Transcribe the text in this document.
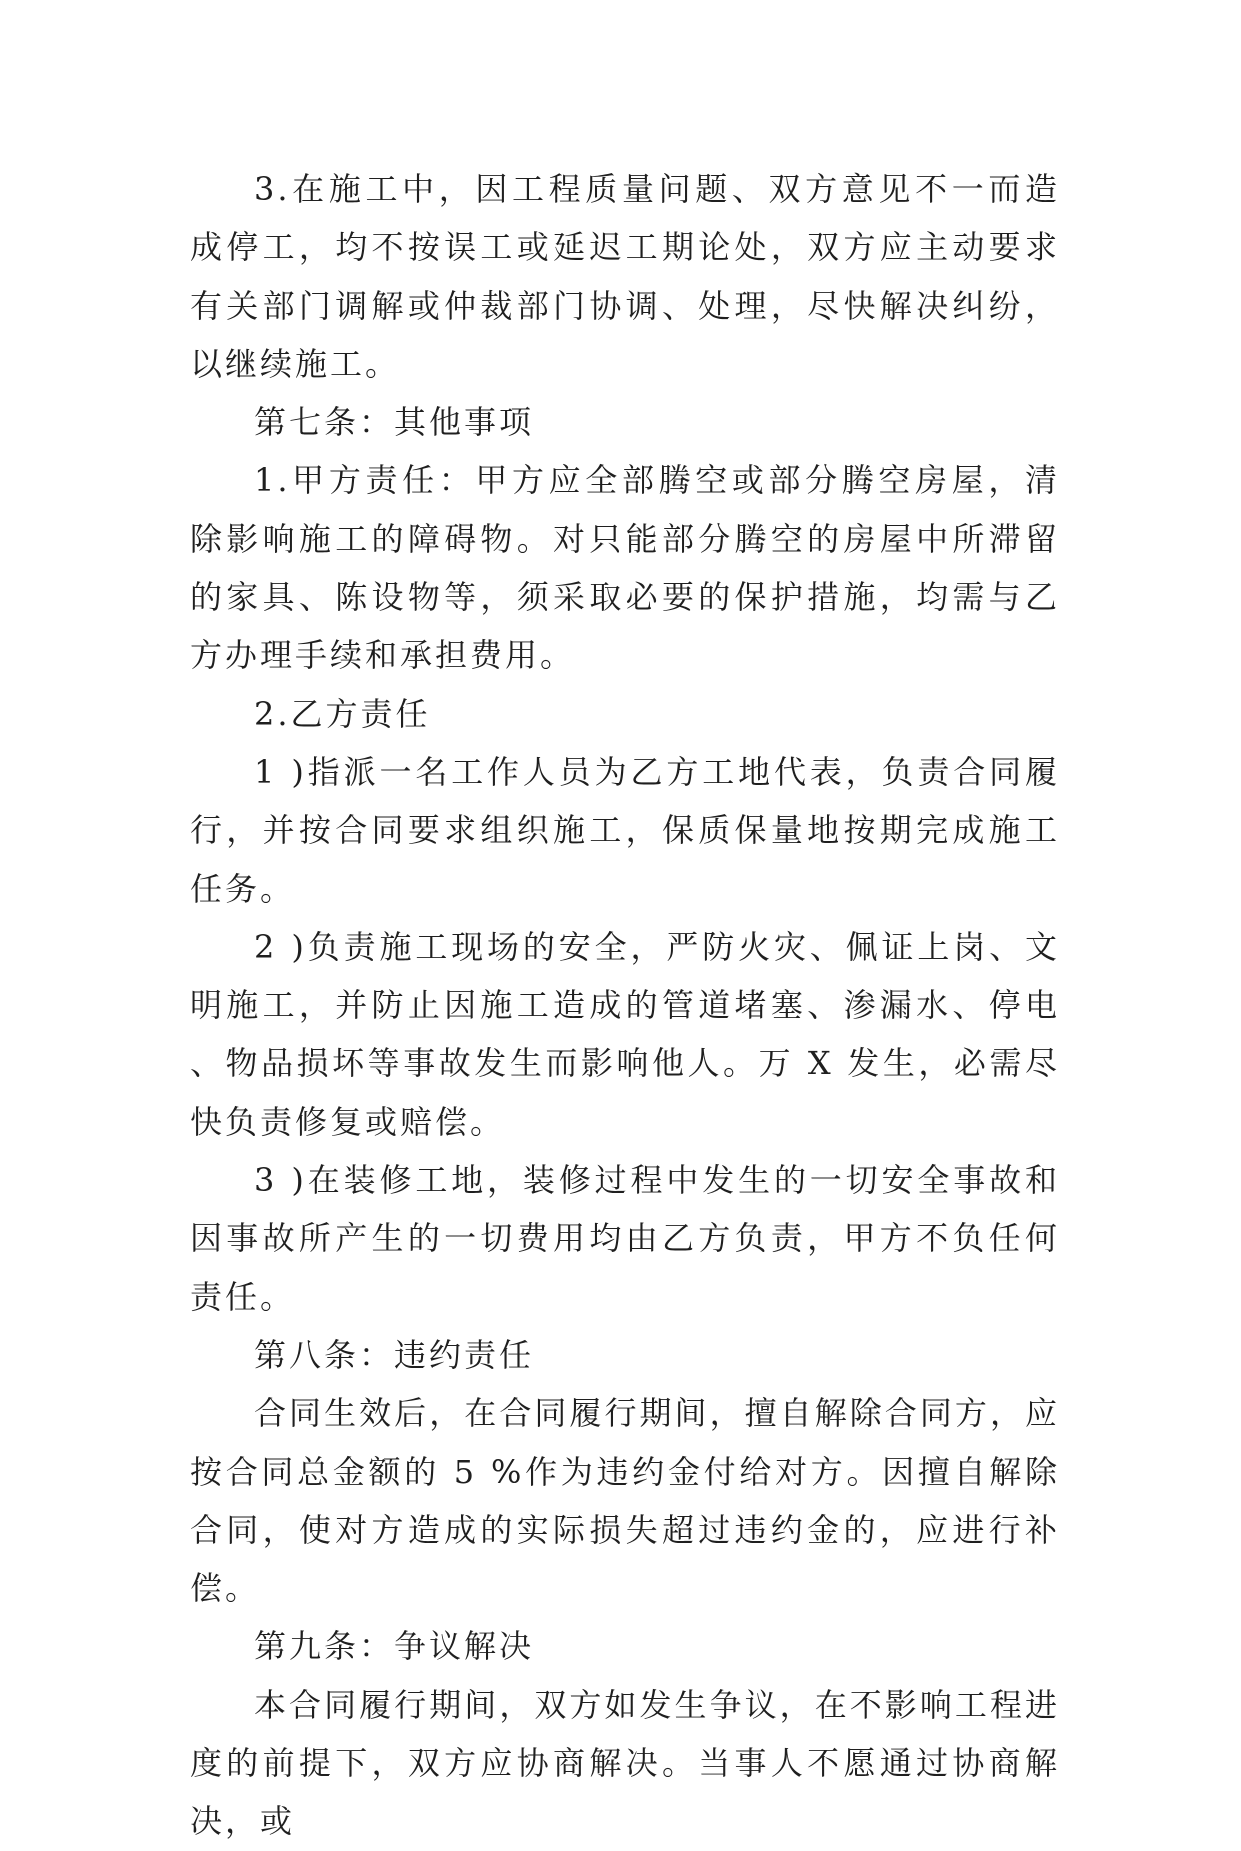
3.在施工中，因工程质量问题、双方意见不一而造成停工，均不按误工或延迟工期论处，双方应主动要求有关部门调解或仲裁部门协调、处理，尽快解决纠纷，以继续施工。

第七条：其他事项

1.甲方责任：甲方应全部腾空或部分腾空房屋，清除影响施工的障碍物。对只能部分腾空的房屋中所滞留的家具、陈设物等，须采取必要的保护措施，均需与乙方办理手续和承担费用。

2.乙方责任

1 )指派一名工作人员为乙方工地代表，负责合同履行，并按合同要求组织施工，保质保量地按期完成施工任务。

2 )负责施工现场的安全，严防火灾、佩证上岗、文明施工，并防止因施工造成的管道堵塞、渗漏水、停电、物品损坏等事故发生而影响他人。万 X 发生，必需尽快负责修复或赔偿。

3 )在装修工地，装修过程中发生的一切安全事故和因事故所产生的一切费用均由乙方负责，甲方不负任何责任。

第八条：违约责任

合同生效后，在合同履行期间，擅自解除合同方，应按合同总金额的 5 %作为违约金付给对方。因擅自解除合同，使对方造成的实际损失超过违约金的，应进行补偿。

第九条：争议解决

本合同履行期间，双方如发生争议，在不影响工程进度的前提下，双方应协商解决。当事人不愿通过协商解决，或
